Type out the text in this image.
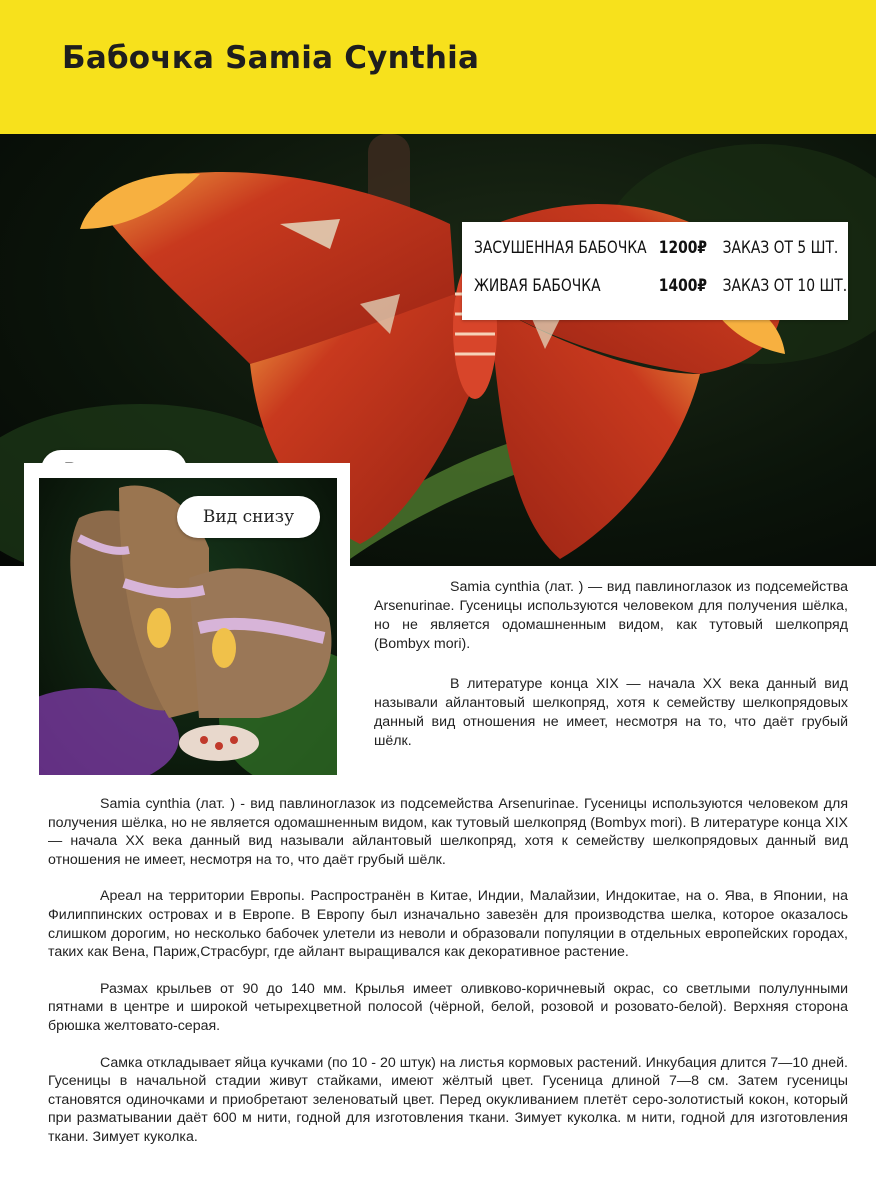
Бабочка Samia Cynthia
ЗАСУШЕННАЯ БАБОЧКА 1200₽ ЗАКАЗ ОТ 5 ШТ.
ЖИВАЯ БАБОЧКА	1400₽ ЗАКАЗ ОТ 10 ШТ.
Вид снизу

Samia cynthia (лат. ) — вид павлиноглазок из подсемейства Arsenurinae. Гусеницы используются человеком для получения шёлка, но не является одомашненным видом, как тутовый шелкопряд (Bombyx mori).

В литературе конца XIX — начала XX века данный вид называли айлантовый шелкопряд, хотя к семейству шелкопрядовых данный вид отношения не имеет, несмотря на то, что даёт грубый шёлк.

Samia cynthia (лат. ) - вид павлиноглазок из подсемейства Arsenurinae. Гусеницы используются человеком для получения шёлка, но не является одомашненным видом, как тутовый шелкопряд (Bombyx mori). В литературе конца XIX — начала XX века данный вид называли айлантовый шелкопряд, хотя к семейству шелкопрядовых данный вид отношения не имеет, несмотря на то, что даёт грубый шёлк.

Ареал на территории Европы. Распространён в Китае, Индии, Малайзии, Индокитае, на о. Ява, в Японии, на Филиппинских островах и в Европе. В Европу был изначально завезён для производства шелка, которое оказалось слишком дорогим, но несколько бабочек улетели из неволи и образовали популяции в отдельных европейских городах, таких как Вена, Париж,Страсбург, где айлант выращивался как декоративное растение.

Размах крыльев от 90 до 140 мм. Крылья имеет оливково-коричневый окрас, со светлыми полулунными пятнами в центре и широкой четырехцветной полосой (чёрной, белой, розовой и розовато-белой). Верхняя сторона брюшка желтовато-серая.

Самка откладывает яйца кучками (по 10 - 20 штук) на листья кормовых растений. Инкубация длится 7—10 дней. Гусеницы в начальной стадии живут стайками, имеют жёлтый цвет. Гусеница длиной 7—8 см. Затем гусеницы становятся одиночками и приобретают зеленоватый цвет. Перед окукливанием плетёт серо-золотистый кокон, который при разматывании даёт 600 м нити, годной для изготовления ткани. Зимует куколка. м нити, годной для изготовления ткани. Зимует куколка.
